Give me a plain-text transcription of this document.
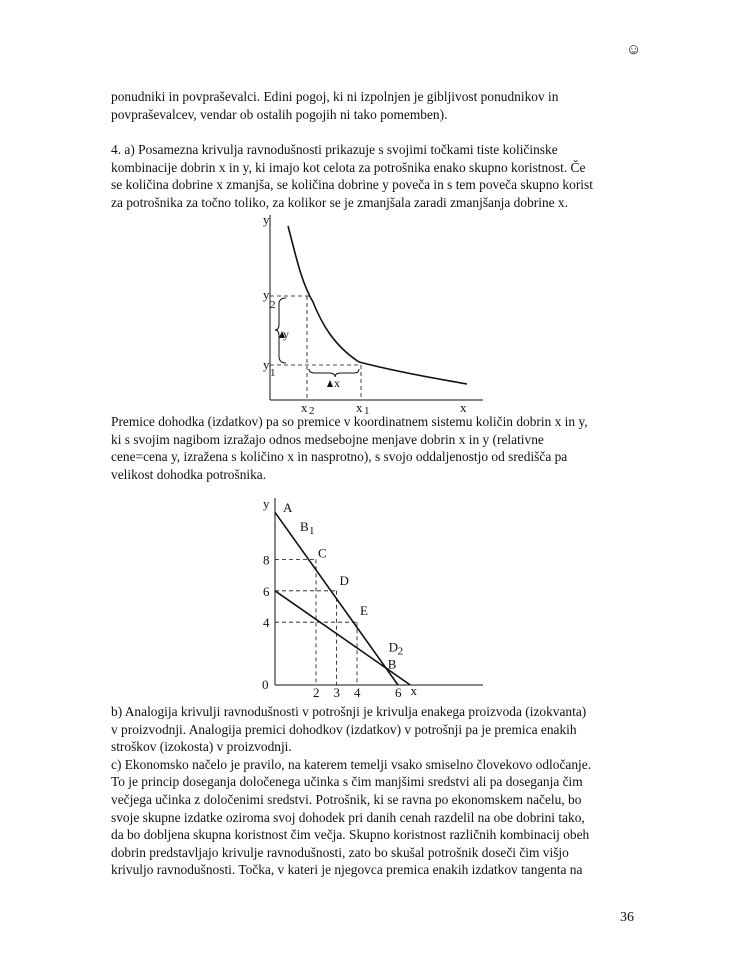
☺

ponudniki in povpraševalci. Edini pogoj, ki ni izpolnjen je gibljivost ponudnikov in
povpraševalcev, vendar ob ostalih pogojih ni tako pomemben).

4. a) Posamezna krivulja ravnodušnosti prikazuje s svojimi točkami tiste količinske
kombinacije dobrin x in y, ki imajo kot celota za potrošnika enako skupno koristnost. Če
se količina dobrine x zmanjša, se količina dobrine y poveča in s tem poveča skupno korist
za potrošnika za točno toliko, za kolikor se je zmanjšala zaradi zmanjšanja dobrine x.

y
y
2
y
1
y
x
x 2	x 1	x

Premice dohodka (izdatkov) pa so premice v koordinatnem sistemu količin dobrin x in y,
ki s svojim nagibom izražajo odnos medsebojne menjave dobrin x in y (relativne
cene=cena y, izražena s količino x in nasprotno), s svojo oddaljenostjo od središča pa
velikost dohodka potrošnika.

y
x
0
8
6
4
2 3 4	6
A
B 1
C
D
E
B
D 2

b) Analogija krivulji ravnodušnosti v potrošnji je krivulja enakega proizvoda (izokvanta)
v proizvodnji. Analogija premici dohodkov (izdatkov) v potrošnji pa je premica enakih
stroškov (izokosta) v proizvodnji.
c) Ekonomsko načelo je pravilo, na katerem temelji vsako smiselno človekovo odločanje.
To je princip doseganja določenega učinka s čim manjšimi sredstvi ali pa doseganja čim
večjega učinka z določenimi sredstvi. Potrošnik, ki se ravna po ekonomskem načelu, bo
svoje skupne izdatke oziroma svoj dohodek pri danih cenah razdelil na obe dobrini tako,
da bo dobljena skupna koristnost čim večja. Skupno koristnost različnih kombinacij obeh
dobrin predstavljajo krivulje ravnodušnosti, zato bo skušal potrošnik doseči čim višjo
krivuljo ravnodušnosti. Točka, v kateri je njegovca premica enakih izdatkov tangenta na

36
